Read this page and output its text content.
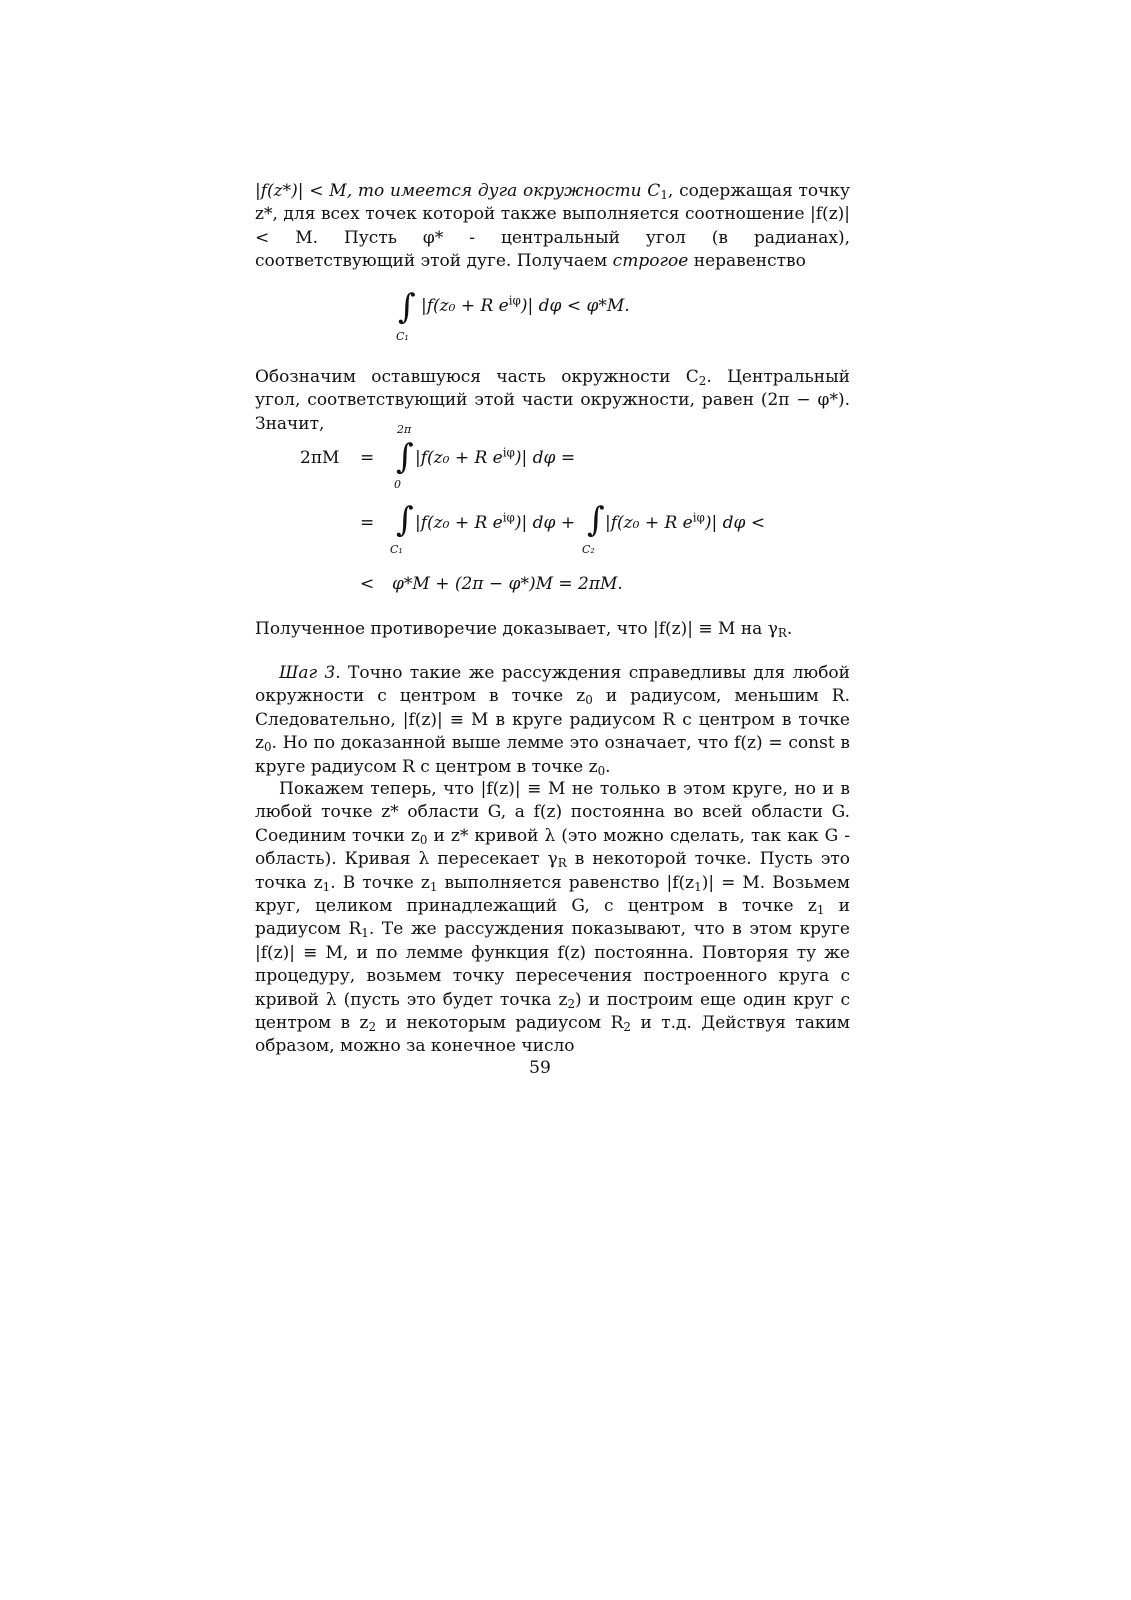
|f(z*)| < M, то имеется дуга окружности $C_1$, содержащая точку z*, для всех точек которой также выполняется соотношение |f(z)| < M. Пусть φ* - центральный угол (в радианах), соответствующий этой дуге. Получаем строгое неравенство

∫
C₁
|f(z₀ + R $e^{i\varphi})|$ dφ < φ*M.

Обозначим оставшуюся часть окружности $C_2$. Центральный угол, соответствующий этой части окружности, равен (2π − φ*). Значит,

2πM =
2π
∫
0
|f(z₀ + R $e^{i\varphi})|$ dφ =
= ∫
C₁
|f(z₀ + R $e^{i\varphi})|$ dφ + ∫
C₂
|f(z₀ + R $e^{i\varphi})|$ dφ <
< φ*M + (2π − φ*)M = 2πM.

Полученное противоречие доказывает, что |f(z)| ≡ M на $\gamma_R$.

Шаг 3. Точно такие же рассуждения справедливы для любой окружности с центром в точке $z_0$ и радиусом, меньшим R. Следовательно, |f(z)| ≡ M в круге радиусом R с центром в точке $z_0$. Но по доказанной выше лемме это означает, что f(z) = const в круге радиусом R с центром в точке $z_0$.

Покажем теперь, что |f(z)| ≡ M не только в этом круге, но и в любой точке z* области G, а f(z) постоянна во всей области G. Соединим точки $z_0$ и z* кривой λ (это можно сделать, так как G - область). Кривая λ пересекает $\gamma_R$ в некоторой точке. Пусть это точка $z_1$. В точке $z_1$ выполняется равенство $|f(z_1)| = M$. Возьмем круг, целиком принадлежащий G, с центром в точке $z_1$ и радиусом $R_1$. Те же рассуждения показывают, что в этом круге |f(z)| ≡ M, и по лемме функция f(z) постоянна. Повторяя ту же процедуру, возьмем точку пересечения построенного круга с кривой λ (пусть это будет точка $z_2$) и построим еще один круг с центром в $z_2$ и некоторым радиусом $R_2$ и т.д. Действуя таким образом, можно за конечное число

59
